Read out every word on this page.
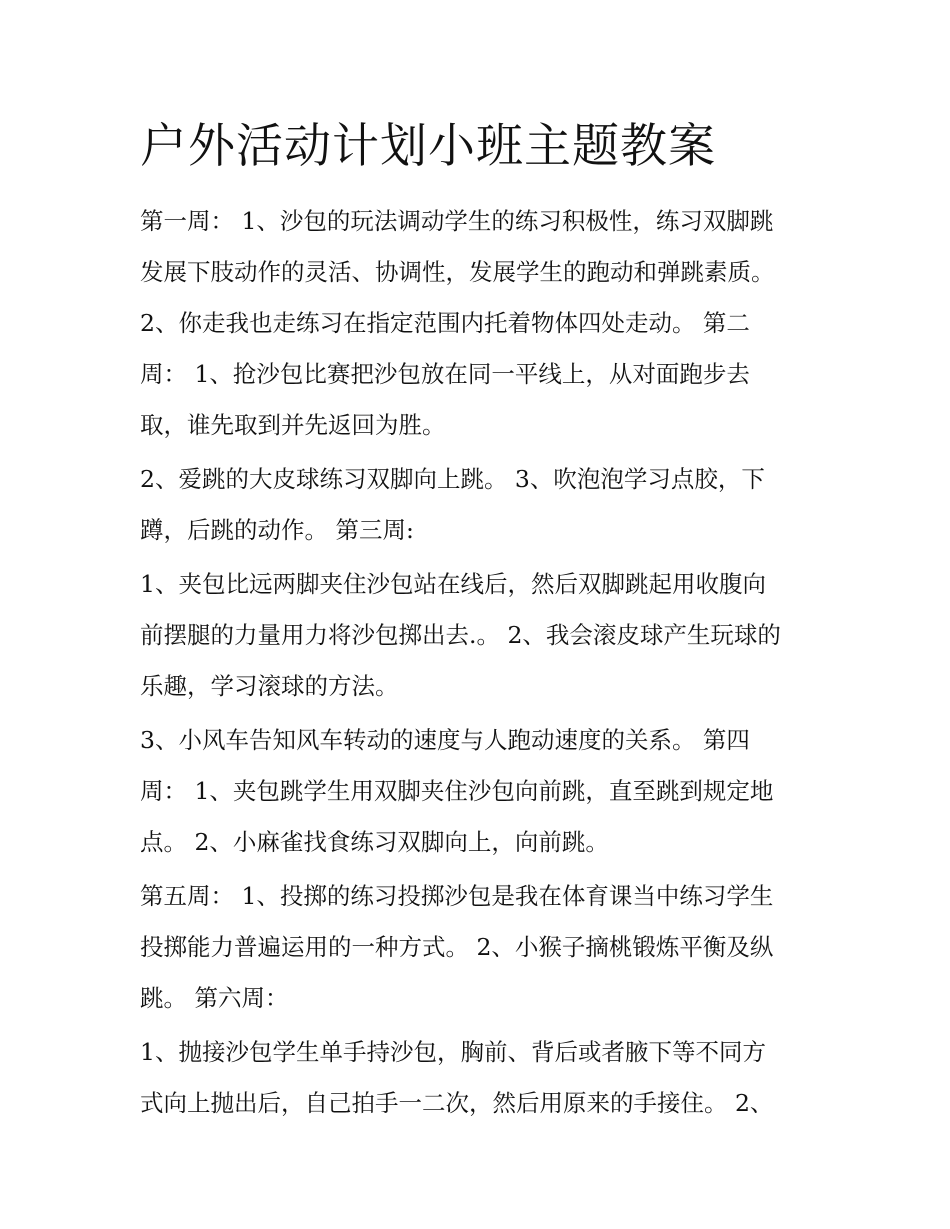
户外活动计划小班主题教案

第一周： 1、沙包的玩法调动学生的练习积极性，练习双脚跳
发展下肢动作的灵活、协调性，发展学生的跑动和弹跳素质。
2、你走我也走练习在指定范围内托着物体四处走动。 第二
周： 1、抢沙包比赛把沙包放在同一平线上，从对面跑步去
取，谁先取到并先返回为胜。

2、爱跳的大皮球练习双脚向上跳。 3、吹泡泡学习点胶，下
蹲，后跳的动作。 第三周:

1、夹包比远两脚夹住沙包站在线后，然后双脚跳起用收腹向
前摆腿的力量用力将沙包掷出去.。 2、我会滚皮球产生玩球的
乐趣，学习滚球的方法。

3、小风车告知风车转动的速度与人跑动速度的关系。 第四
周： 1、夹包跳学生用双脚夹住沙包向前跳，直至跳到规定地
点。 2、小麻雀找食练习双脚向上，向前跳。

第五周： 1、投掷的练习投掷沙包是我在体育课当中练习学生
投掷能力普遍运用的一种方式。 2、小猴子摘桃锻炼平衡及纵
跳。 第六周：

1、抛接沙包学生单手持沙包，胸前、背后或者腋下等不同方
式向上抛出后，自己拍手一二次，然后用原来的手接住。 2、
